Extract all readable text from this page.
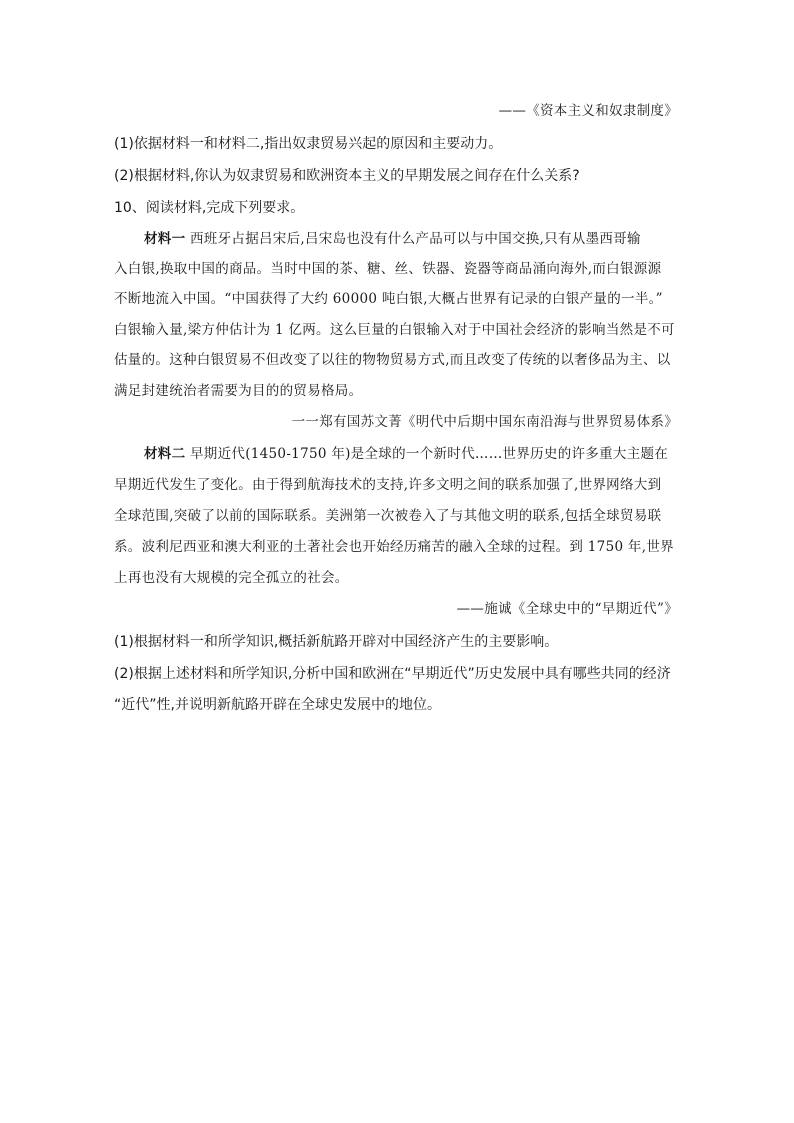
——《资本主义和奴隶制度》
(1)依据材料一和材料二,指出奴隶贸易兴起的原因和主要动力。
(2)根据材料,你认为奴隶贸易和欧洲资本主义的早期发展之间存在什么关系?
10、阅读材料,完成下列要求。
材料一 西班牙占据吕宋后,吕宋岛也没有什么产品可以与中国交换,只有从墨西哥输
入白银,换取中国的商品。当时中国的茶、糖、丝、铁器、瓷器等商品涌向海外,而白银源源
不断地流入中国。“中国获得了大约 60000 吨白银,大概占世界有记录的白银产量的一半。”
白银输入量,梁方仲估计为 1 亿两。这么巨量的白银输入对于中国社会经济的影响当然是不可
估量的。这种白银贸易不但改变了以往的物物贸易方式,而且改变了传统的以奢侈品为主、以
满足封建统治者需要为目的的贸易格局。
一一郑有国苏文菁《明代中后期中国东南沿海与世界贸易体系》
材料二 早期近代(1450-1750 年)是全球的一个新时代……世界历史的许多重大主题在
早期近代发生了变化。由于得到航海技术的支持,许多文明之间的联系加强了,世界网络大到
全球范围,突破了以前的国际联系。美洲第一次被卷入了与其他文明的联系,包括全球贸易联
系。波利尼西亚和澳大利亚的土著社会也开始经历痛苦的融入全球的过程。到 1750 年,世界
上再也没有大规模的完全孤立的社会。
——施诚《全球史中的“早期近代”》
(1)根据材料一和所学知识,概括新航路开辟对中国经济产生的主要影响。
(2)根据上述材料和所学知识,分析中国和欧洲在“早期近代”历史发展中具有哪些共同的经济
“近代”性,并说明新航路开辟在全球史发展中的地位。
